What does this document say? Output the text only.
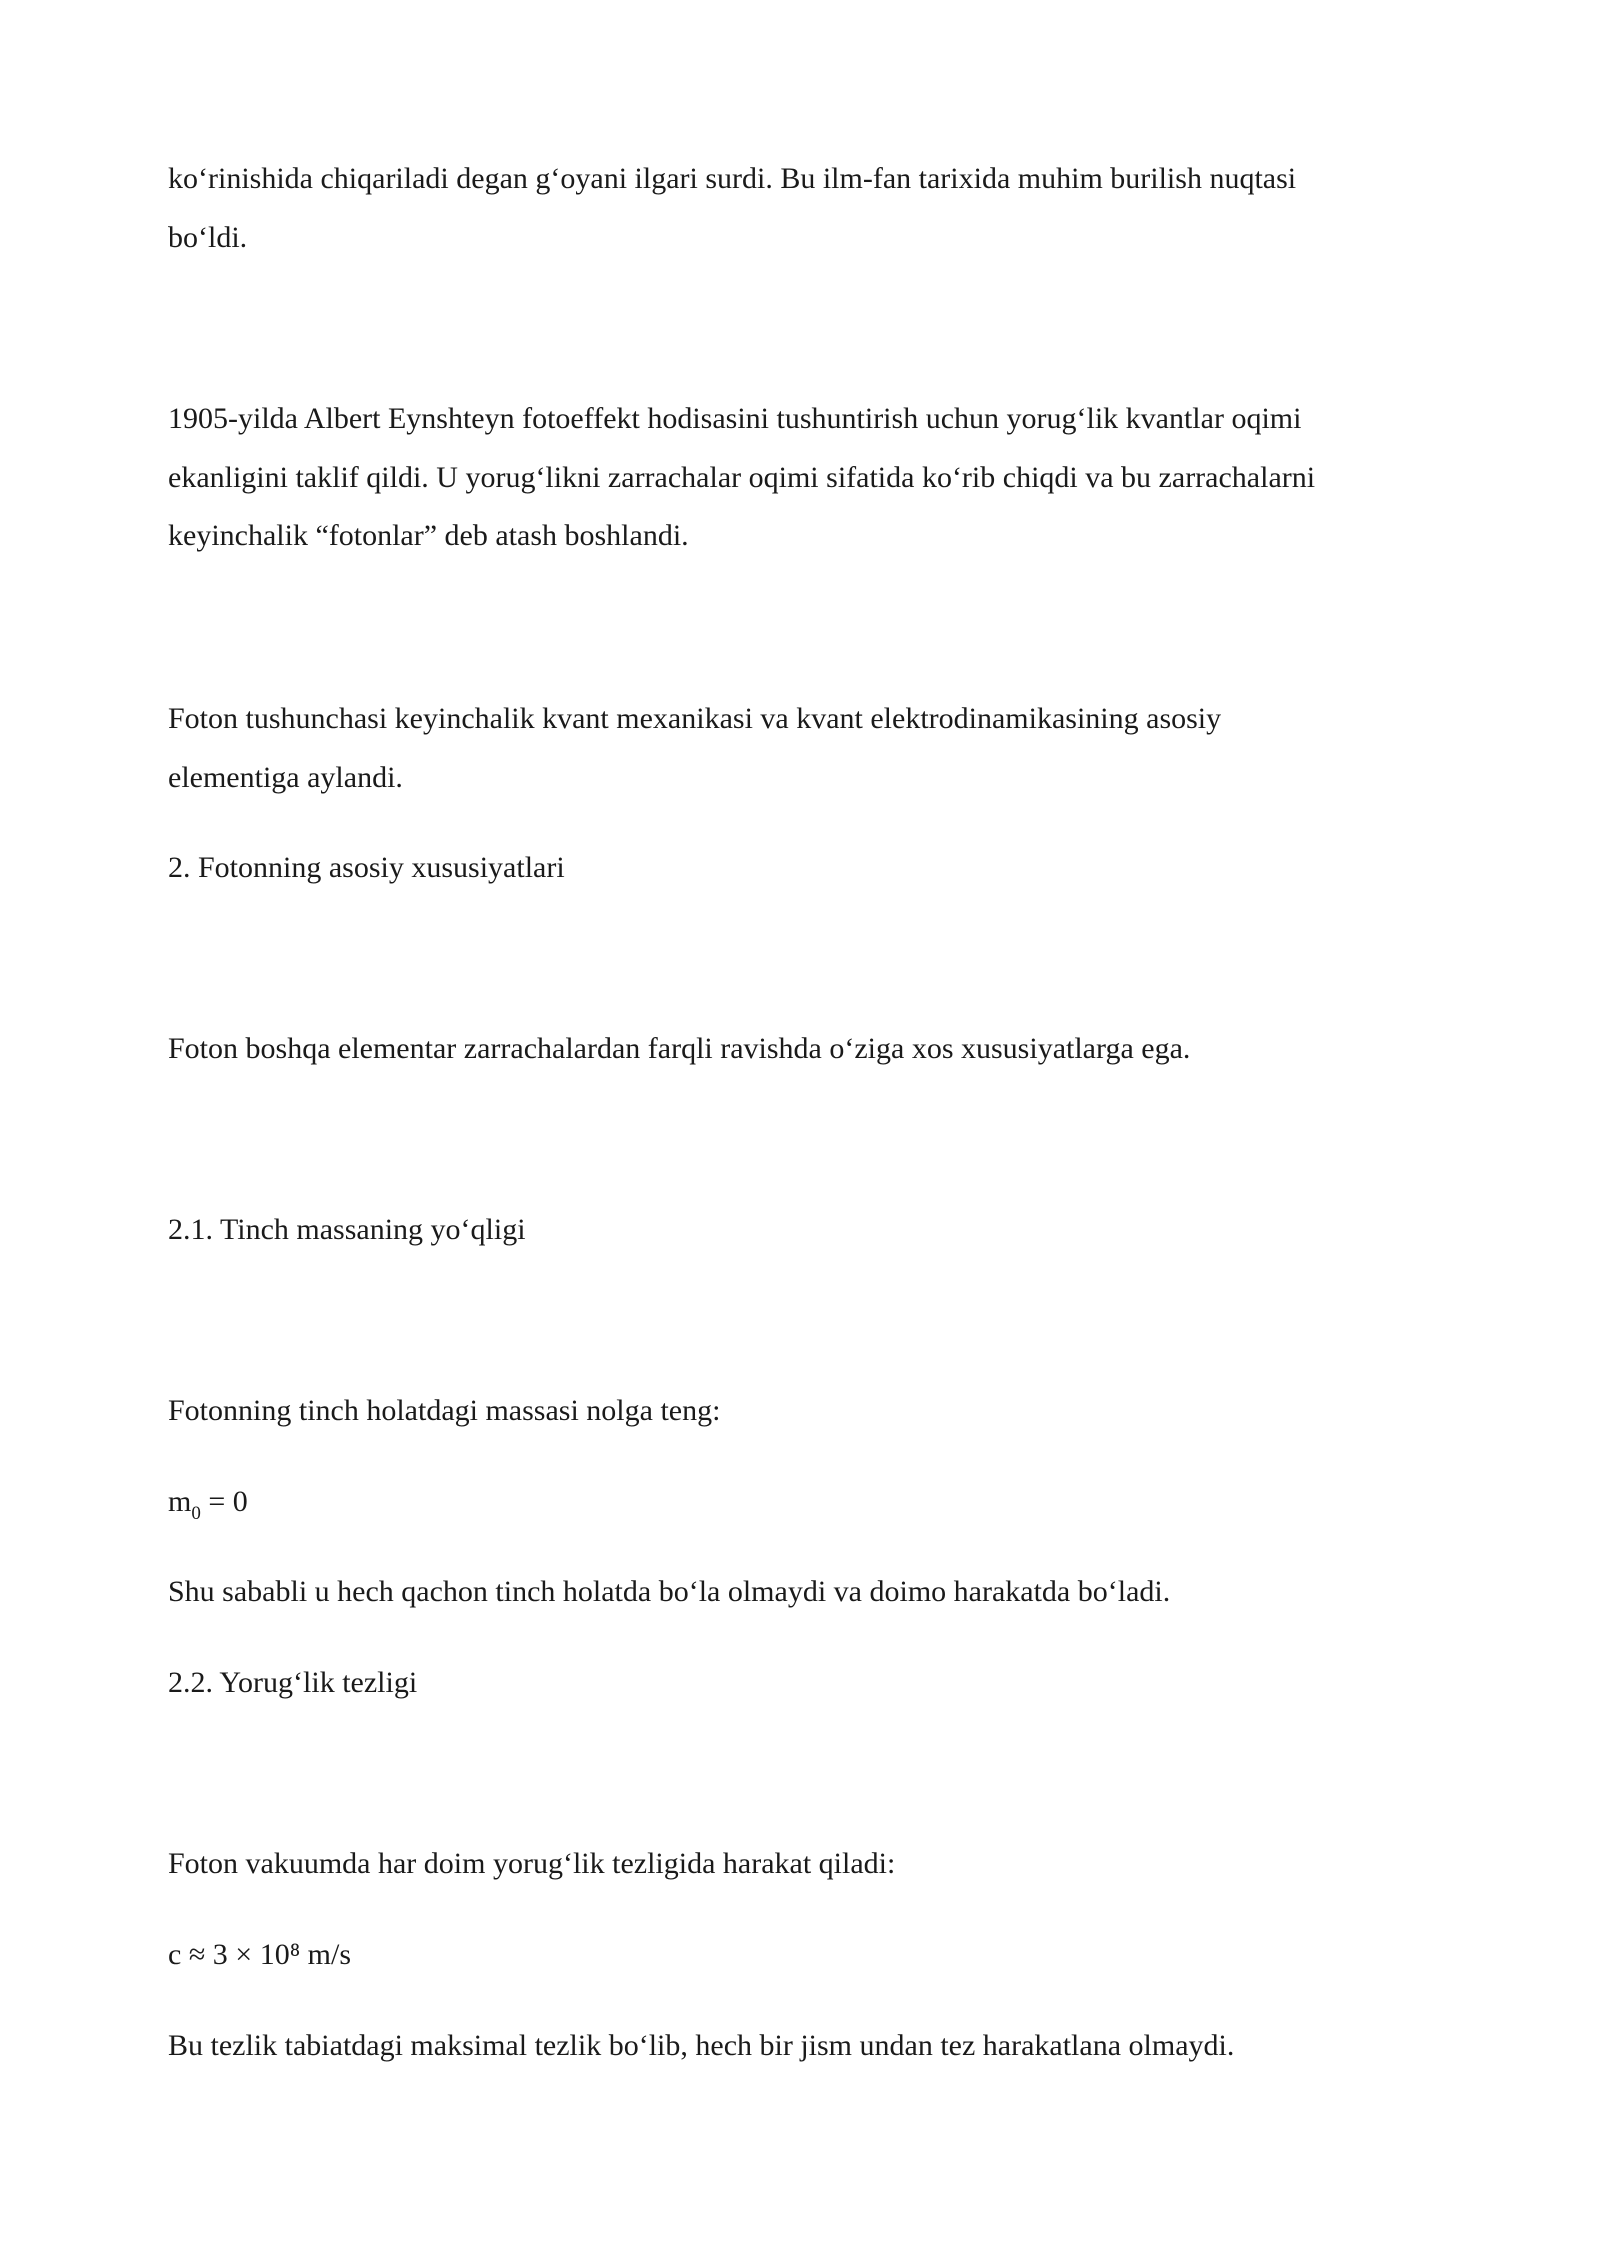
ko‘rinishida chiqariladi degan g‘oyani ilgari surdi. Bu ilm-fan tarixida muhim burilish nuqtasi

bo‘ldi.

1905-yilda Albert Eynshteyn fotoeffekt hodisasini tushuntirish uchun yorug‘lik kvantlar oqimi

ekanligini taklif qildi. U yorug‘likni zarrachalar oqimi sifatida ko‘rib chiqdi va bu zarrachalarni

keyinchalik “fotonlar” deb atash boshlandi.

Foton tushunchasi keyinchalik kvant mexanikasi va kvant elektrodinamikasining asosiy

elementiga aylandi.

2. Fotonning asosiy xususiyatlari

Foton boshqa elementar zarrachalardan farqli ravishda o‘ziga xos xususiyatlarga ega.

2.1. Tinch massaning yo‘qligi

Fotonning tinch holatdagi massasi nolga teng:

$m_0 = 0$

Shu sababli u hech qachon tinch holatda bo‘la olmaydi va doimo harakatda bo‘ladi.

2.2. Yorug‘lik tezligi

Foton vakuumda har doim yorug‘lik tezligida harakat qiladi:

c ≈ 3 × 10⁸ m/s

Bu tezlik tabiatdagi maksimal tezlik bo‘lib, hech bir jism undan tez harakatlana olmaydi.
